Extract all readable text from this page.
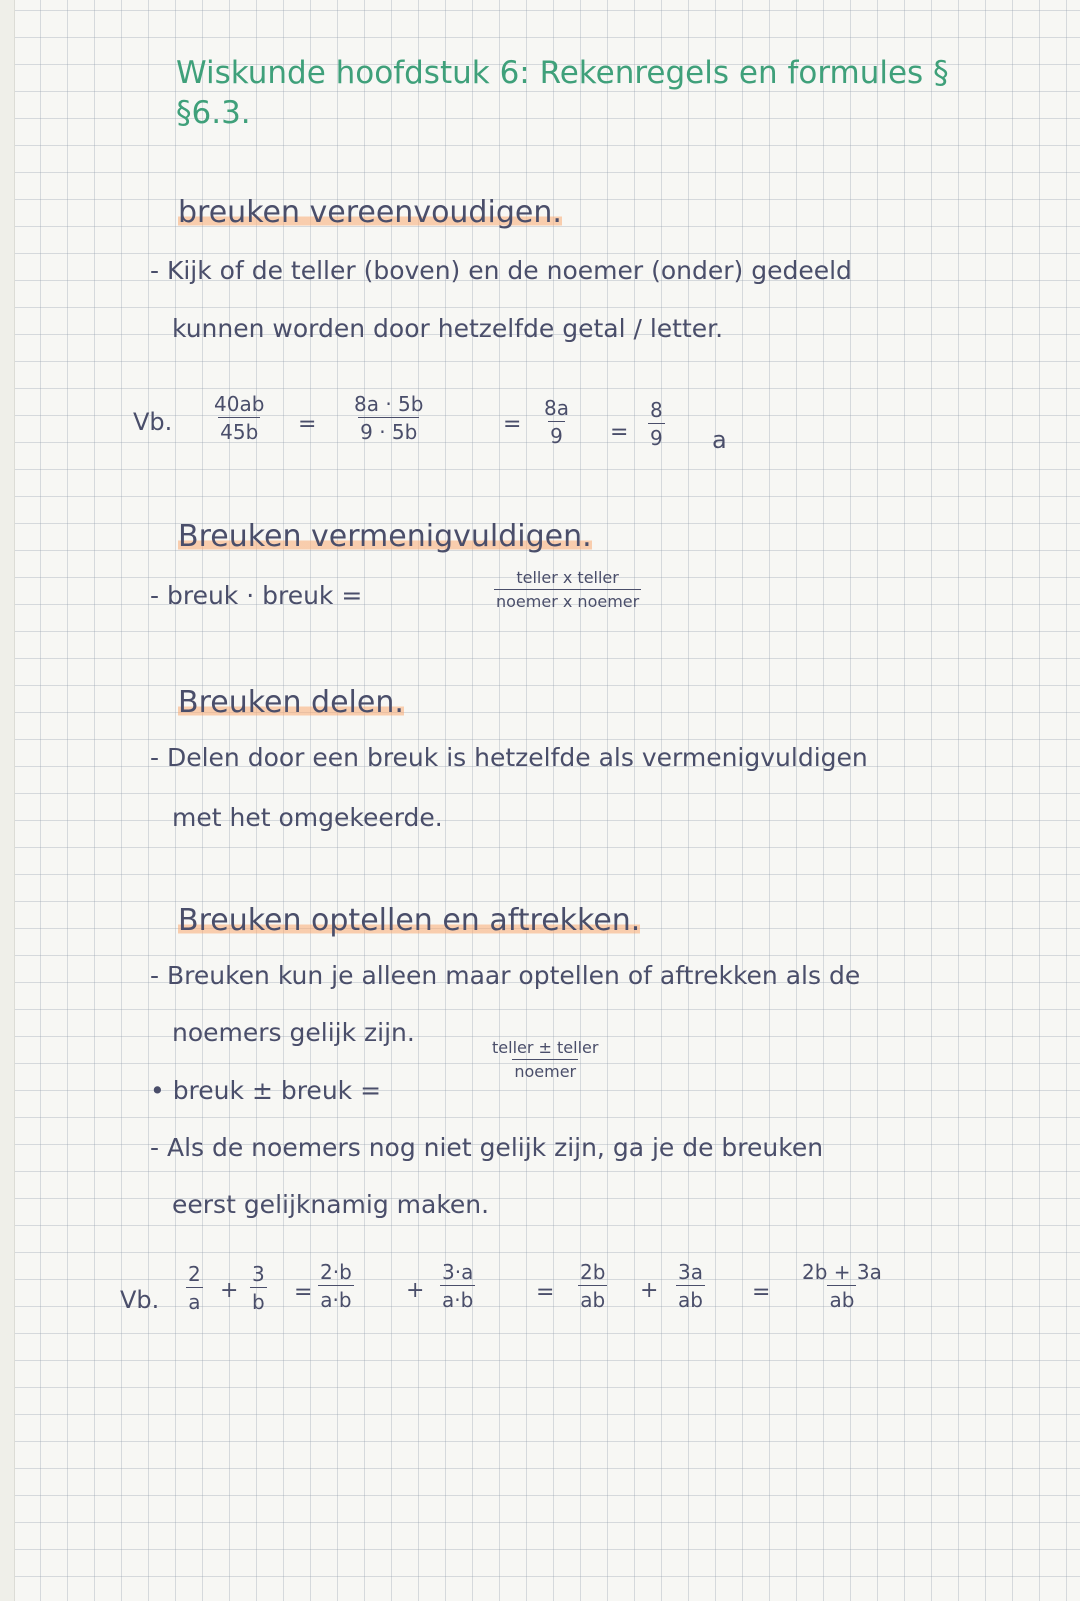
Wiskunde hoofdstuk 6: Rekenregels en formules §
§6.3.
breuken vereenvoudigen.
- Kijk of de teller (boven) en de noemer (onder) gedeeld
kunnen worden door hetzelfde getal / letter.
Vb. $\frac{40ab}{45b} = \frac{8a \cdot 5b}{9 \cdot 5b}$	= $\frac{8a}{9} = \frac{8}{9}$ a
Breuken vermenigvuldigen.
- breuk · breuk =
teller x teller
noemer x noemer
Breuken delen.
- Delen door een breuk is hetzelfde als vermenigvuldigen
met het omgekeerde.
Breuken optellen en aftrekken.
- Breuken kun je alleen maar optellen of aftrekken als de
noemers gelijk zijn.
• breuk ± breuk =
teller ± teller
noemer
- Als de noemers nog niet gelijk zijn, ga je de breuken
eerst gelijknamig maken.
Vb. $\frac{2}{a} + \frac{3}{b} = \frac{2\cdot b}{a\cdot b} + \frac{3\cdot a}{a\cdot b}$	= $\frac{2b}{ab} + \frac{3a}{ab} = \frac{2b + 3a}{ab}$
